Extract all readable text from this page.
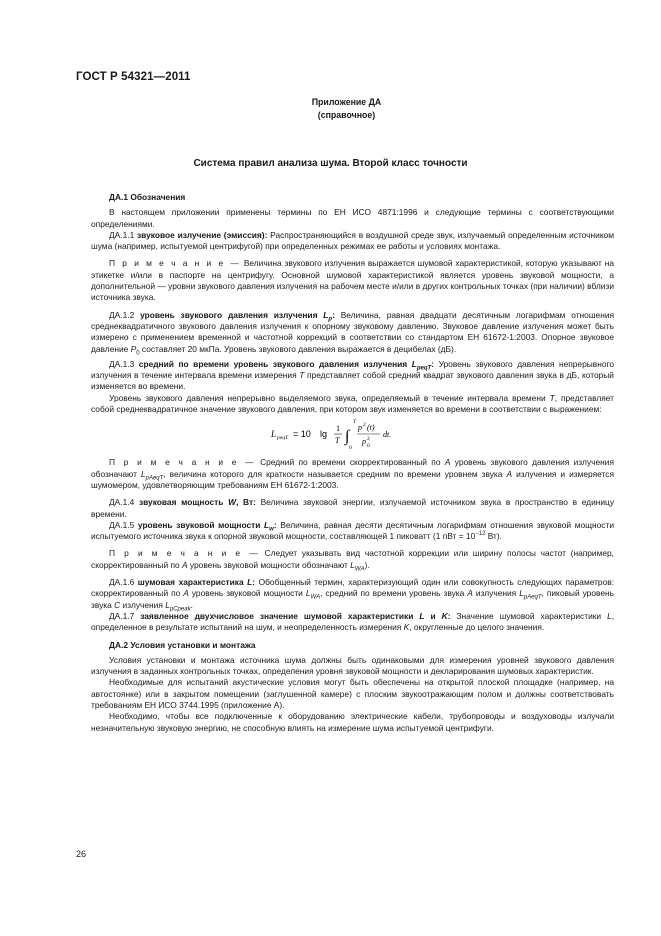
ГОСТ Р 54321—2011
Приложение ДА
(справочное)
Система правил анализа шума. Второй класс точности

ДА.1 Обозначения

В настоящем приложении применены термины по ЕН ИСО 4871:1996 и следующие термины с соответствующими определениями.

ДА.1.1 звуковое излучение (эмиссия): Распространяющийся в воздушной среде звук, излучаемый определенным источником шума (например, испытуемой центрифугой) при определенных режимах ее работы и условиях монтажа.

П р и м е ч а н и е — Величина звукового излучения выражается шумовой характеристикой, которую указывают на этикетке и/или в паспорте на центрифугу. Основной шумовой характеристикой является уровень звуковой мощности, а дополнительной — уровни звукового давления излучения на рабочем месте и/или в других контрольных точках (при наличии) вблизи источника звука.

ДА.1.2 уровень звукового давления излучения $L_p$: Величина, равная двадцати десятичным логарифмам отношения среднеквадратичного звукового давления излучения к опорному звуковому давлению. Звуковое давление излучения может быть измерено с применением временной и частотной коррекций в соответствии со стандартом ЕН 61672-1:2003. Опорное звуковое давление $P_0$ составляет 20 мкПа. Уровень звукового давления выражается в децибелах (дБ).

ДА.1.3 средний по времени уровень звукового давления излучения $L_{peqT}$: Уровень звукового давления непрерывного излучения в течение интервала времени измерения T представляет собой средний квадрат звукового давления звука в дБ, который изменяется во времени.

Уровень звукового давления непрерывно выделяемого звука, определяемый в течение интервала времени T, представляет собой среднеквадратичное значение звукового давления, при котором звук изменяется во времени в соответствии с выражением:

L peqT = 10 lg
1
T ∫
T
0
p 2 (t)
p 2
0
dt.

П р и м е ч а н и е — Средний по времени скорректированный по А уровень звукового давления излучения обозначают $L_{pAeqT}$, величина которого для краткости называется средним по времени уровнем звука А излучения и измеряется шумомером, удовлетворяющим требованиям ЕН 61672-1:2003.

ДА.1.4 звуковая мощность W, Вт: Величина звуковой энергии, излучаемой источником звука в пространство в единицу времени.

ДА.1.5 уровень звуковой мощности $L_w$: Величина, равная десяти десятичным логарифмам отношения звуковой мощности испытуемого источника звука к опорной звуковой мощности, составляющей 1 пиковатт (1 пВт = $10^{-12}$ Вт).

П р и м е ч а н и е — Следует указывать вид частотной коррекции или ширину полосы частот (например, скорректированный по А уровень звуковой мощности обозначают $L_{WA}$).

ДА.1.6 шумовая характеристика L: Обобщенный термин, характеризующий один или совокупность следующих параметров: скорректированный по А уровень звуковой мощности $L_{WA}$, средний по времени уровень звука А излучения $L_{pAeqT}$, пиковый уровень звука С излучения $L_{pCpeak}$.

ДА.1.7 заявленное двухчисловое значение шумовой характеристики L и K: Значение шумовой характеристики L, определенное в результате испытаний на шум, и неопределенность измерения K, округленные до целого значения.

ДА.2 Условия установки и монтажа

Условия установки и монтажа источника шума должны быть одинаковыми для измерения уровней звукового давления излучения в заданных контрольных точках, определения уровня звуковой мощности и декларирования шумовых характеристик.

Необходимые для испытаний акустические условия могут быть обеспечены на открытой плоской площадке (например, на автостоянке) или в закрытом помещении (заглушенной камере) с плоским звукоотражающим полом и должны соответствовать требованиям ЕН ИСО 3744.1995 (приложение А).

Необходимо, чтобы все подключенные к оборудованию электрические кабели, трубопроводы и воздуховоды излучали незначительную звуковую энергию, не способную влиять на измерение шума испытуемой центрифуги.

26
